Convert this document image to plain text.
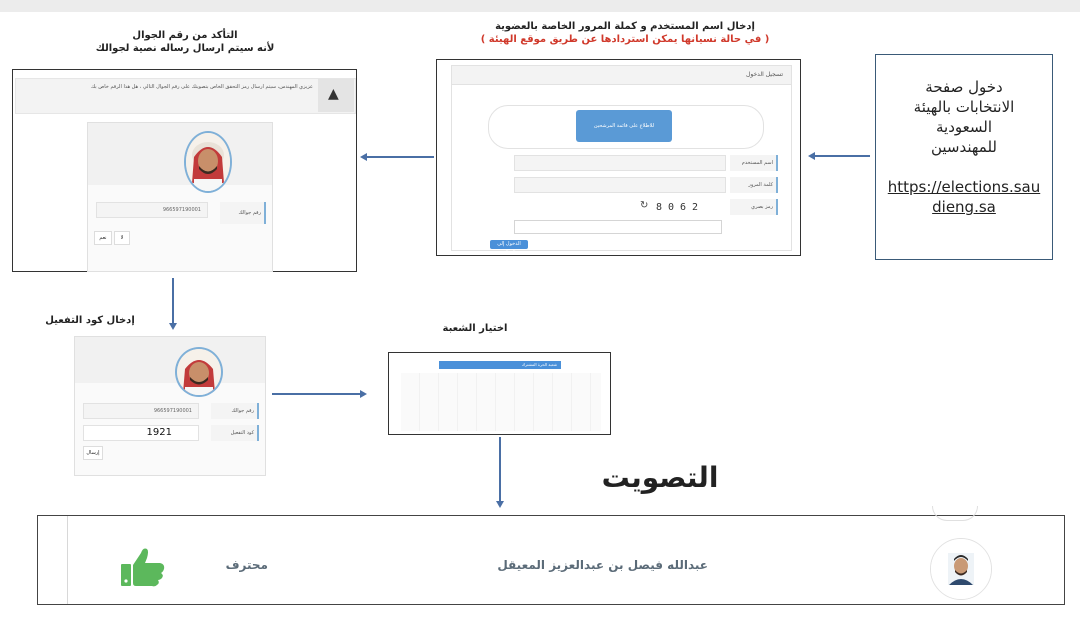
التأكد من رقم الجوال
لأنه سيتم ارسال رساله نصية لجوالك
إدخال اسم المستخدم و كملة المرور الخاصة بالعضوية
( في حالة نسيانها يمكن استردادها عن طريق موقع الهيئة )
إدخال كود التفعيل
اختيار الشعبة
التصويت
دخول صفحة الانتخابات بالهيئة السعودية للمهندسين
https://elections.saudieng.sa
تسجيل الدخول
للاطلاع على قائمة المرشحين
اسم المستخدم
كلمة المرور
↻ 8062	رمز بصري
الدخول إلى النظام
▲
عزيزي المهندس، سيتم ارسال رمز التحقق الخاص بتصويتك على رقم الجوال التالي ، هل هذا الرقم خاص بك
966597190001	رقم جوالك
نعم	لا
966597190001	رقم جوالك
1921	كود التفعيل
إرسال
شعبة الحرة المشترك
عبدالله فيصل بن عبدالعزيز المعيقل
محترف
